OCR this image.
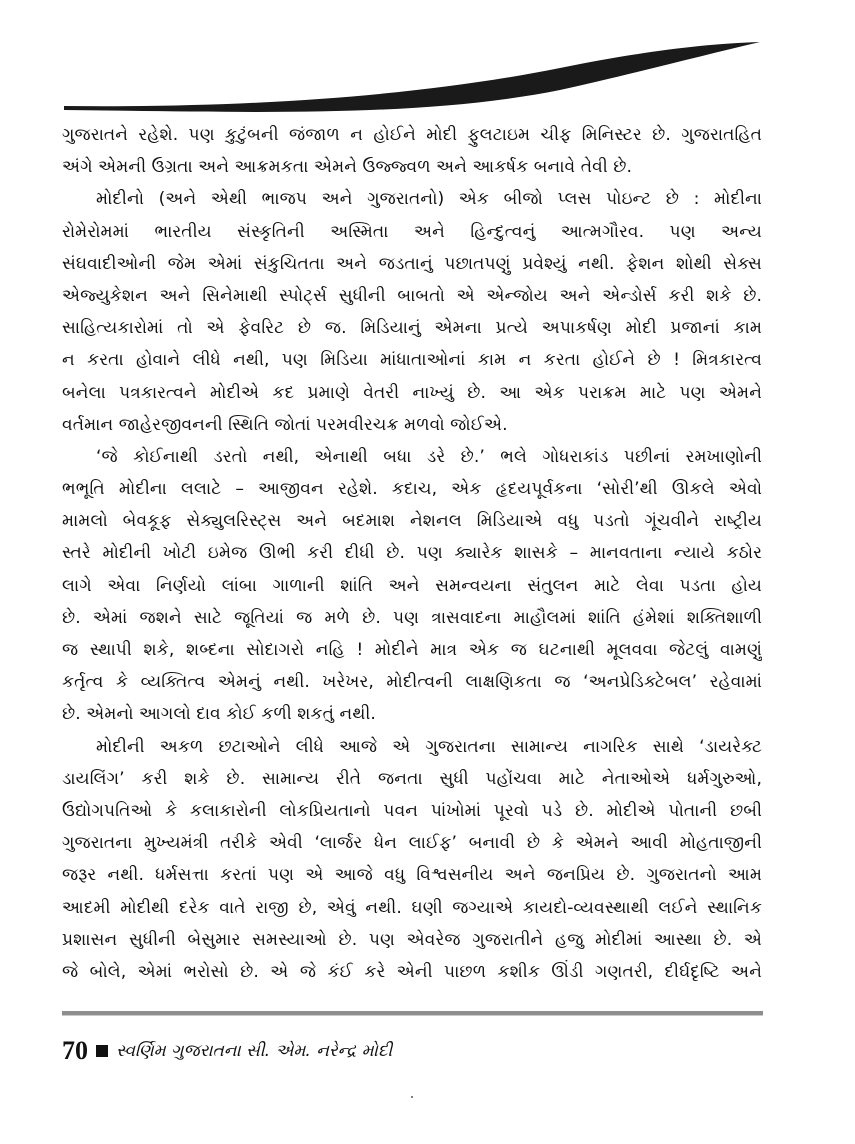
ગુજરાતને રહેશે. પણ કુટુંબની જંજાળ ન હોઈને મોદી ફુલટાઇમ ચીફ મિનિસ્ટર છે. ગુજરાતહિત
અંગે એમની ઉગ્રતા અને આક્રમકતા એમને ઉજ્જ્વળ અને આકર્ષક બનાવે તેવી છે.
મોદીનો (અને એથી ભાજપ અને ગુજરાતનો) એક બીજો પ્લસ પોઇન્ટ છે : મોદીના
રોમેરોમમાં ભારતીય સંસ્કૃતિની અસ્મિતા અને હિન્દુત્વનું આત્મગૌરવ. પણ અન્ય
સંઘવાદીઓની જેમ એમાં સંકુચિતતા અને જડતાનું પછાતપણું પ્રવેશ્યું નથી. ફેશન શોથી સેક્સ
એજ્યુકેશન અને સિનેમાથી સ્પોર્ટ્સ સુધીની બાબતો એ એન્જોય અને એન્ડોર્સ કરી શકે છે.
સાહિત્યકારોમાં તો એ ફેવરિટ છે જ. મિડિયાનું એમના પ્રત્યે અપાકર્ષણ મોદી પ્રજાનાં કામ
ન કરતા હોવાને લીધે નથી, પણ મિડિયા માંધાતાઓનાં કામ ન કરતા હોઈને છે ! મિત્રકારત્વ
બનેલા પત્રકારત્વને મોદીએ કદ પ્રમાણે વેતરી નાખ્યું છે. આ એક પરાક્રમ માટે પણ એમને
વર્તમાન જાહેરજીવનની સ્થિતિ જોતાં પરમવીરચક્ર મળવો જોઈએ.
‘જે કોઈનાથી ડરતો નથી, એનાથી બધા ડરે છે.’ ભલે ગોધરાકાંડ પછીનાં રમખાણોની
ભભૂતિ મોદીના લલાટે – આજીવન રહેશે. કદાચ, એક હૃદયપૂર્વકના ‘સોરી’થી ઊકલે એવો
મામલો બેવકૂફ સેક્યુલરિસ્ટ્સ અને બદમાશ નેશનલ મિડિયાએ વધુ પડતો ગૂંચવીને રાષ્ટ્રીય
સ્તરે મોદીની ખોટી ઇમેજ ઊભી કરી દીધી છે. પણ ક્યારેક શાસકે – માનવતાના ન્યાયે કઠોર
લાગે એવા નિર્ણયો લાંબા ગાળાની શાંતિ અને સમન્વયના સંતુલન માટે લેવા પડતા હોય
છે. એમાં જશને સાટે જૂતિયાં જ મળે છે. પણ ત્રાસવાદના માહૌલમાં શાંતિ હંમેશાં શક્તિશાળી
જ સ્થાપી શકે, શબ્દના સોદાગરો નહિ ! મોદીને માત્ર એક જ ઘટનાથી મૂલવવા જેટલું વામણું
કર્તૃત્વ કે વ્યક્તિત્વ એમનું નથી. ખરેખર, મોદીત્વની લાક્ષણિકતા જ ‘અનપ્રેડિક્ટેબલ’ રહેવામાં
છે. એમનો આગલો દાવ કોઈ કળી શકતું નથી.
મોદીની અકળ છટાઓને લીધે આજે એ ગુજરાતના સામાન્ય નાગરિક સાથે ‘ડાયરેક્ટ
ડાયલિંગ’ કરી શકે છે. સામાન્ય રીતે જનતા સુધી પહોંચવા માટે નેતાઓએ ધર્મગુરુઓ,
ઉદ્યોગપતિઓ કે કલાકારોની લોકપ્રિયતાનો પવન પાંખોમાં પૂરવો પડે છે. મોદીએ પોતાની છબી
ગુજરાતના મુખ્યમંત્રી તરીકે એવી ‘લાર્જર ધેન લાઈફ’ બનાવી છે કે એમને આવી મોહતાજીની
જરૂર નથી. ધર્મસત્તા કરતાં પણ એ આજે વધુ વિશ્વસનીય અને જનપ્રિય છે. ગુજરાતનો આમ
આદમી મોદીથી દરેક વાતે રાજી છે, એવું નથી. ઘણી જગ્યાએ કાયદો-વ્યવસ્થાથી લઈને સ્થાનિક
પ્રશાસન સુધીની બેસુમાર સમસ્યાઓ છે. પણ એવરેજ ગુજરાતીને હજુ મોદીમાં આસ્થા છે. એ
જે બોલે, એમાં ભરોસો છે. એ જે કંઈ કરે એની પાછળ કશીક ઊંડી ગણતરી, દીર્ઘદૃષ્ટિ અને
70 સ્વર્ણિમ ગુજરાતના સી. એમ. નરેન્દ્ર મોદી
